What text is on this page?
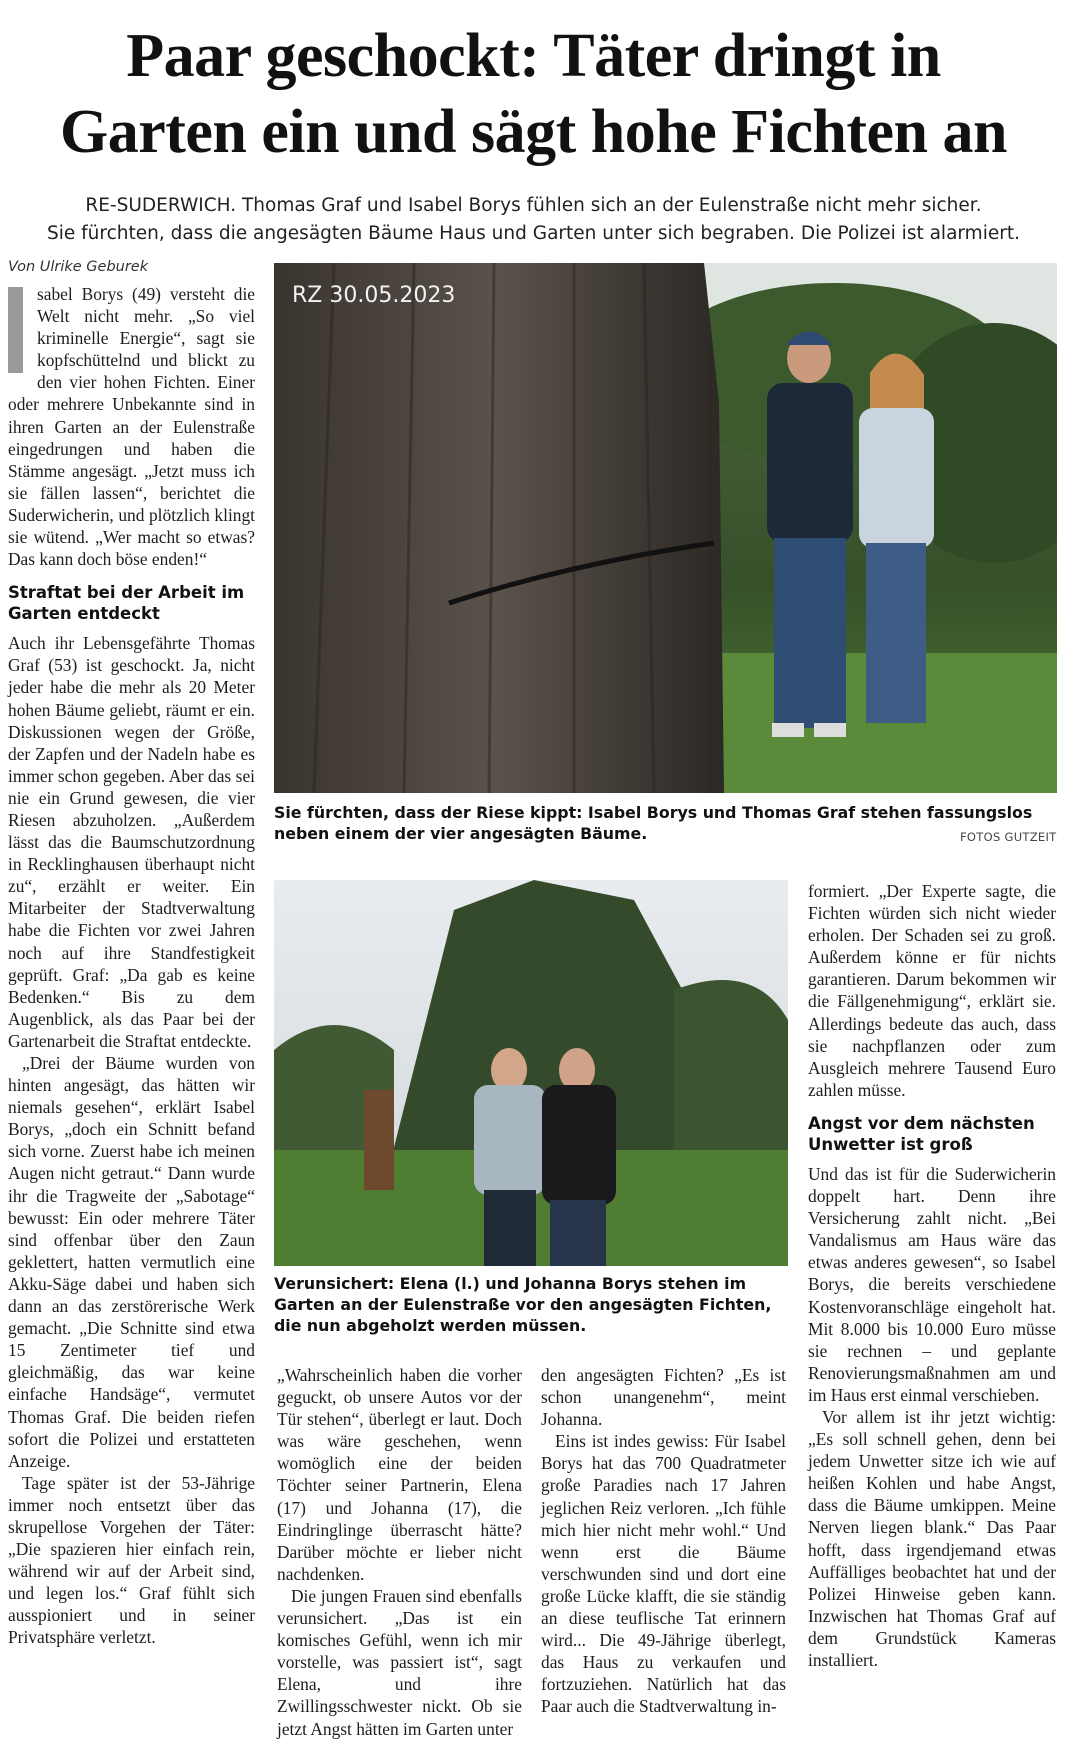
Paar geschockt: Täter dringt in
Garten ein und sägt hohe Fichten an
RE-SUDERWICH. Thomas Graf und Isabel Borys fühlen sich an der Eulenstraße nicht mehr sicher.
Sie fürchten, dass die angesägten Bäume Haus und Garten unter sich begraben. Die Polizei ist alarmiert.
Von Ulrike Geburek

sabel Borys (49) versteht die Welt nicht mehr. „So viel kriminelle Energie“, sagt sie kopfschüttelnd und blickt zu den vier hohen Fichten. Einer oder mehrere Unbekannte sind in ihren Garten an der Eulenstraße eingedrungen und haben die Stämme angesägt. „Jetzt muss ich sie fällen lassen“, berichtet die Suderwicherin, und plötzlich klingt sie wütend. „Wer macht so etwas? Das kann doch böse enden!“

Straftat bei der Arbeit im Garten entdeckt

Auch ihr Lebensgefährte Thomas Graf (53) ist geschockt. Ja, nicht jeder habe die mehr als 20 Meter hohen Bäume geliebt, räumt er ein. Diskussionen wegen der Größe, der Zapfen und der Nadeln habe es immer schon gegeben. Aber das sei nie ein Grund gewesen, die vier Riesen abzuholzen. „Außerdem lässt das die Baumschutzordnung in Recklinghausen überhaupt nicht zu“, erzählt er weiter. Ein Mitarbeiter der Stadtverwaltung habe die Fichten vor zwei Jahren noch auf ihre Standfestigkeit geprüft. Graf: „Da gab es keine Bedenken.“ Bis zu dem Augenblick, als das Paar bei der Gartenarbeit die Straftat entdeckte.

„Drei der Bäume wurden von hinten angesägt, das hätten wir niemals gesehen“, erklärt Isabel Borys, „doch ein Schnitt befand sich vorne. Zuerst habe ich meinen Augen nicht getraut.“ Dann wurde ihr die Tragweite der „Sabotage“ bewusst: Ein oder mehrere Täter sind offenbar über den Zaun geklettert, hatten vermutlich eine Akku-Säge dabei und haben sich dann an das zerstörerische Werk gemacht. „Die Schnitte sind etwa 15 Zentimeter tief und gleichmäßig, das war keine einfache Handsäge“, vermutet Thomas Graf. Die beiden riefen sofort die Polizei und erstatteten Anzeige.

Tage später ist der 53-Jährige immer noch entsetzt über das skrupellose Vorgehen der Täter: „Die spazieren hier einfach rein, während wir auf der Arbeit sind, und legen los.“ Graf fühlt sich ausspioniert und in seiner Privatsphäre verletzt.

RZ 30.05.2023
Sie fürchten, dass der Riese kippt: Isabel Borys und Thomas Graf stehen fassungslos neben einem der vier angesägten Bäume.	FOTOS GUTZEIT
Verunsichert: Elena (l.) und Johanna Borys stehen im Garten an der Eulenstraße vor den angesägten Fichten, die nun abgeholzt werden müssen.

„Wahrscheinlich haben die vorher geguckt, ob unsere Autos vor der Tür stehen“, überlegt er laut. Doch was wäre geschehen, wenn womöglich eine der beiden Töchter seiner Partnerin, Elena (17) und Johanna (17), die Eindringlinge überrascht hätte? Darüber möchte er lieber nicht nachdenken.

Die jungen Frauen sind ebenfalls verunsichert. „Das ist ein komisches Gefühl, wenn ich mir vorstelle, was passiert ist“, sagt Elena, und ihre Zwillingsschwester nickt. Ob sie jetzt Angst hätten im Garten unter

den angesägten Fichten? „Es ist schon unangenehm“, meint Johanna.

Eins ist indes gewiss: Für Isabel Borys hat das 700 Quadratmeter große Paradies nach 17 Jahren jeglichen Reiz verloren. „Ich fühle mich hier nicht mehr wohl.“ Und wenn erst die Bäume verschwunden sind und dort eine große Lücke klafft, die sie ständig an diese teuflische Tat erinnern wird... Die 49-Jährige überlegt, das Haus zu verkaufen und fortzuziehen. Natürlich hat das Paar auch die Stadtverwaltung in-

formiert. „Der Experte sagte, die Fichten würden sich nicht wieder erholen. Der Schaden sei zu groß. Außerdem könne er für nichts garantieren. Darum bekommen wir die Fällgenehmigung“, erklärt sie. Allerdings bedeute das auch, dass sie nachpflanzen oder zum Ausgleich mehrere Tausend Euro zahlen müsse.

Angst vor dem nächsten Unwetter ist groß

Und das ist für die Suderwicherin doppelt hart. Denn ihre Versicherung zahlt nicht. „Bei Vandalismus am Haus wäre das etwas anderes gewesen“, so Isabel Borys, die bereits verschiedene Kostenvoranschläge eingeholt hat. Mit 8.000 bis 10.000 Euro müsse sie rechnen – und geplante Renovierungsmaßnahmen am und im Haus erst einmal verschieben.

Vor allem ist ihr jetzt wichtig: „Es soll schnell gehen, denn bei jedem Unwetter sitze ich wie auf heißen Kohlen und habe Angst, dass die Bäume umkippen. Meine Nerven liegen blank.“ Das Paar hofft, dass irgendjemand etwas Auffälliges beobachtet hat und der Polizei Hinweise geben kann. Inzwischen hat Thomas Graf auf dem Grundstück Kameras installiert.
